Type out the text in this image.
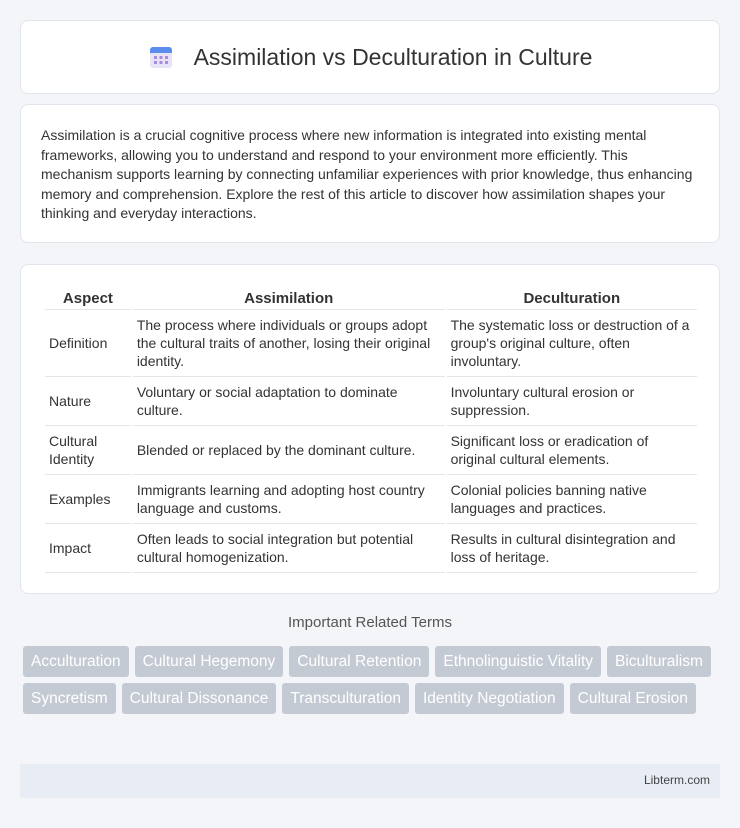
Assimilation vs Deculturation in Culture

Assimilation is a crucial cognitive process where new information is integrated into existing mental frameworks, allowing you to understand and respond to your environment more efficiently. This mechanism supports learning by connecting unfamiliar experiences with prior knowledge, thus enhancing memory and comprehension. Explore the rest of this article to discover how assimilation shapes your thinking and everyday interactions.

Aspect	Assimilation	Deculturation
Definition	The process where individuals or groups adopt the cultural traits of another, losing their original identity.	The systematic loss or destruction of a group's original culture, often involuntary.
Nature	Voluntary or social adaptation to dominate culture.	Involuntary cultural erosion or suppression.
Cultural Identity	Blended or replaced by the dominant culture.	Significant loss or eradication of original cultural elements.
Examples	Immigrants learning and adopting host country language and customs.	Colonial policies banning native languages and practices.
Impact	Often leads to social integration but potential cultural homogenization.	Results in cultural disintegration and loss of heritage.
Important Related Terms
Acculturation	Cultural Hegemony	Cultural Retention	Ethnolinguistic Vitality	Biculturalism
Syncretism	Cultural Dissonance	Transculturation	Identity Negotiation	Cultural Erosion
Libterm.com
